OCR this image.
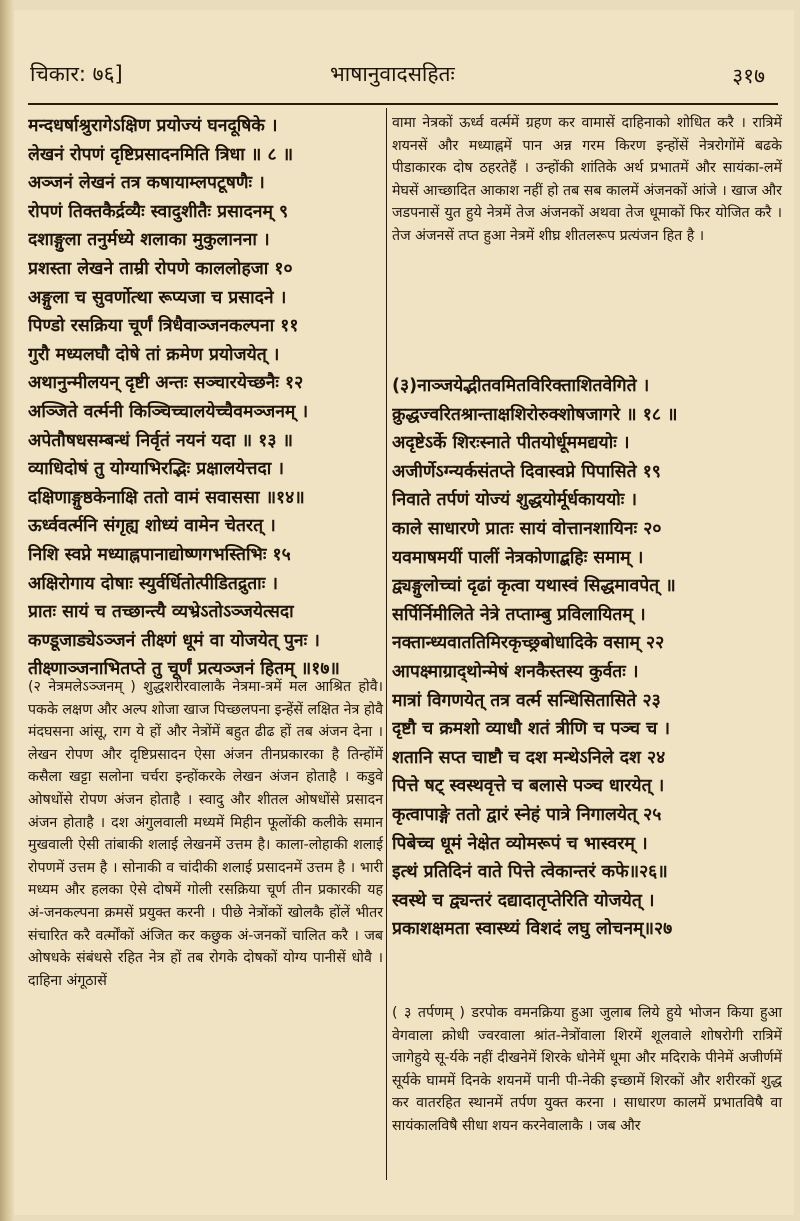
चिकार: ७६]	भाषानुवादसहितः	३१७

मन्दधर्षाश्रुरागेऽक्षिण प्रयोज्यं घनदूषिके ।

लेखनं रोपणं दृष्टिप्रसादनमिति त्रिधा ॥ ८ ॥

अञ्जनं लेखनं तत्र कषायाम्लपटूषणैः ।

रोपणं तिक्तकैर्द्रव्यैः स्वादुशीतैः प्रसादनम् ९

दशाङ्गुला तनुर्मध्ये शलाका मुकुलानना ।

प्रशस्ता लेखने ताम्री रोपणे काललोहजा १०

अङ्गुला च सुवर्णोत्था रूप्यजा च प्रसादने ।

पिण्डो रसक्रिया चूर्णं त्रिधैवाञ्जनकल्पना ११

गुरौ मध्यलघौ दोषे तां क्रमेण प्रयोजयेत् ।

अथानुन्मीलयन् दृष्टी अन्तः सञ्चारयेच्छनैः १२

अञ्जिते वर्त्मनी किञ्चिच्चालयेच्चैवमञ्जनम् ।

अपेतौषधसम्बन्धं निर्वृतं नयनं यदा ॥ १३ ॥

व्याधिदोषं तु योग्याभिरद्भिः प्रक्षालयेत्तदा ।

दक्षिणाङ्गुष्ठकेनाक्षि ततो वामं सवाससा ॥१४॥

ऊर्ध्ववर्त्मनि संगृह्य शोध्यं वामेन चेतरत् ।

निशि स्वप्ने मध्याह्नपानाद्योष्णगभस्तिभिः १५

अक्षिरोगाय दोषाः स्युर्वर्धितोत्पीडितद्रुताः ।

प्रातः सायं च तच्छान्त्यै व्यभ्रेऽतोऽञ्जयेत्सदा

कण्डूजाड्येऽञ्जनं तीक्ष्णं धूमं वा योजयेत् पुनः ।

तीक्ष्णाञ्जनाभितप्ते तु चूर्णं प्रत्यञ्जनं हितम् ॥१७॥

(२ नेत्रमलेऽञ्जनम् ) शुद्धशरीरवालाकै नेत्रमा-त्रमें मल आश्रित होवै। पकके लक्षण और अल्प शोजा खाज पिच्छलपना इन्हेंसें लक्षित नेत्र होवै मंदघसना आंसू, राग ये हों और नेत्रोंमें बहुत ढीढ हों तब अंजन देना । लेखन रोपण और दृष्टिप्रसादन ऐसा अंजन तीनप्रकारका है तिन्होंमें कसैला खट्टा सलोना चर्चरा इन्होंकरके लेखन अंजन होताहै । कडुवे ओषधोंसे रोपण अंजन होताहै । स्वादु और शीतल ओषधोंसे प्रसादन अंजन होताहै । दश अंगुलवाली मध्यमें मिहीन फूलोंकी कलीके समान मुखवाली ऐसी तांबाकी शलाई लेखनमें उत्तम है। काला-लोहाकी शलाई रोपणमें उत्तम है । सोनाकी व चांदीकी शलाई प्रसादनमें उत्तम है । भारी मध्यम और हलका ऐसे दोषमें गोली रसक्रिया चूर्ण तीन प्रकारकी यह अं-जनकल्पना क्रमसें प्रयुक्त करनी । पीछे नेत्रोंकों खोलकै होंलें भीतर संचारित करै वर्त्मोंकों अंजित कर कछुक अं-जनकों चालित करै । जब ओषधके संबंधसे रहित नेत्र हों तब रोगके दोषकों योग्य पानीसें धोवै । दाहिना अंगूठासें

वामा नेत्रकों ऊर्ध्व वर्त्ममें ग्रहण कर वामासें दाहिनाको शोधित करै । रात्रिमें शयनसें और मध्याह्नमें पान अन्न गरम किरण इन्होंसें नेत्ररोगोंमें बढके पीडाकारक दोष ठहरतेहैं । उन्होंकी शांतिके अर्थ प्रभातमें और सायंका-लमें मेघसें आच्छादित आकाश नहीं हो तब सब कालमें अंजनकों आंजे । खाज और जडपनासें युत हुये नेत्रमें तेज अंजनकों अथवा तेज धूमाकों फिर योजित करै । तेज अंजनसें तप्त हुआ नेत्रमें शीघ्र शीतलरूप प्रत्यंजन हित है ।

(३)नाञ्जयेद्भीतवमितविरिक्ताशितवेगिते ।

क्रुद्धज्वरितश्रान्ताक्षशिरोरुक्शोषजागरे ॥ १८ ॥

अदृष्टेऽर्के शिरःस्नाते पीतयोर्धूममद्ययोः ।

अजीर्णेऽग्न्यर्कसंतप्ते दिवास्वप्ने पिपासिते १९

निवाते तर्पणं योज्यं शुद्धयोर्मूर्धकाययोः ।

काले साधारणे प्रातः सायं वोत्तानशायिनः २०

यवमाषमयीं पालीं नेत्रकोणाद्बहिः समाम् ।

द्व्यङ्गुलोच्चां दृढां कृत्वा यथास्वं सिद्धमावपेत् ॥

सर्पिर्निमीलिते नेत्रे तप्ताम्बु प्रविलायितम् ।

नक्तान्ध्यवाततिमिरकृच्छ्रबोधादिके वसाम् २२

आपक्ष्माग्राद्थोन्मेषं शनकैस्तस्य कुर्वतः ।

मात्रां विगणयेत् तत्र वर्त्म सन्धिसितासिते २३

दृष्टौ च क्रमशो व्याधौ शतं त्रीणि च पञ्च च ।

शतानि सप्त चाष्टौ च दश मन्थेऽनिले दश २४

पित्ते षट् स्वस्थवृत्ते च बलासे पञ्च धारयेत् ।

कृत्वापाङ्गे ततो द्वारं स्नेहं पात्रे निगालयेत् २५

पिबेच्च धूमं नेक्षेत व्योमरूपं च भास्वरम् ।

इत्थं प्रतिदिनं वाते पित्ते त्वेकान्तरं कफे॥२६॥

स्वस्थे च द्व्यन्तरं दद्यादातृप्तेरिति योजयेत् ।

प्रकाशक्षमता स्वास्थ्यं विशदं लघु लोचनम्॥२७

( ३ तर्पणम् ) डरपोक वमनक्रिया हुआ जुलाब लिये हुये भोजन किया हुआ वेगवाला क्रोधी ज्वरवाला श्रांत-नेत्रोंवाला शिरमें शूलवाले शोषरोगी रात्रिमें जागेहुये सू-र्यके नहीं दीखनेमें शिरके धोनेमें धूमा और मदिराके पीनेमें अजीर्णमें सूर्यके घाममें दिनके शयनमें पानी पी-नेकी इच्छामें शिरकों और शरीरकों शुद्ध कर वातरहित स्थानमें तर्पण युक्त करना । साधारण कालमें प्रभातविषै वा सायंकालविषै सीधा शयन करनेवालाकै । जब और
